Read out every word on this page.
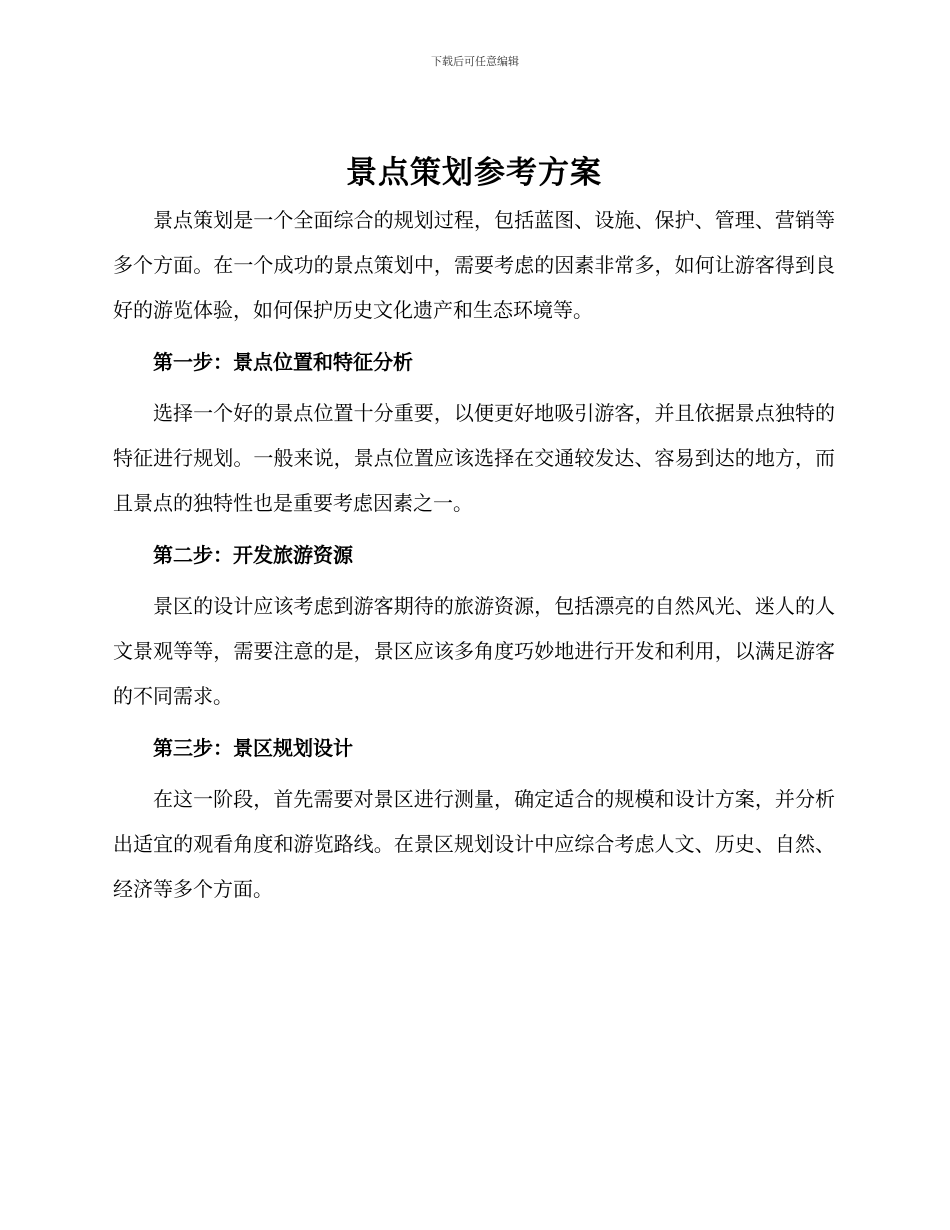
下载后可任意编辑
景点策划参考方案

景点策划是一个全面综合的规划过程，包括蓝图、设施、保护、管理、营销等多个方面。在一个成功的景点策划中，需要考虑的因素非常多，如何让游客得到良好的游览体验，如何保护历史文化遗产和生态环境等。

第一步：景点位置和特征分析

选择一个好的景点位置十分重要，以便更好地吸引游客，并且依据景点独特的特征进行规划。一般来说，景点位置应该选择在交通较发达、容易到达的地方，而且景点的独特性也是重要考虑因素之一。

第二步：开发旅游资源

景区的设计应该考虑到游客期待的旅游资源，包括漂亮的自然风光、迷人的人文景观等等，需要注意的是，景区应该多角度巧妙地进行开发和利用，以满足游客的不同需求。

第三步：景区规划设计

在这一阶段，首先需要对景区进行测量，确定适合的规模和设计方案，并分析出适宜的观看角度和游览路线。在景区规划设计中应综合考虑人文、历史、自然、经济等多个方面。
